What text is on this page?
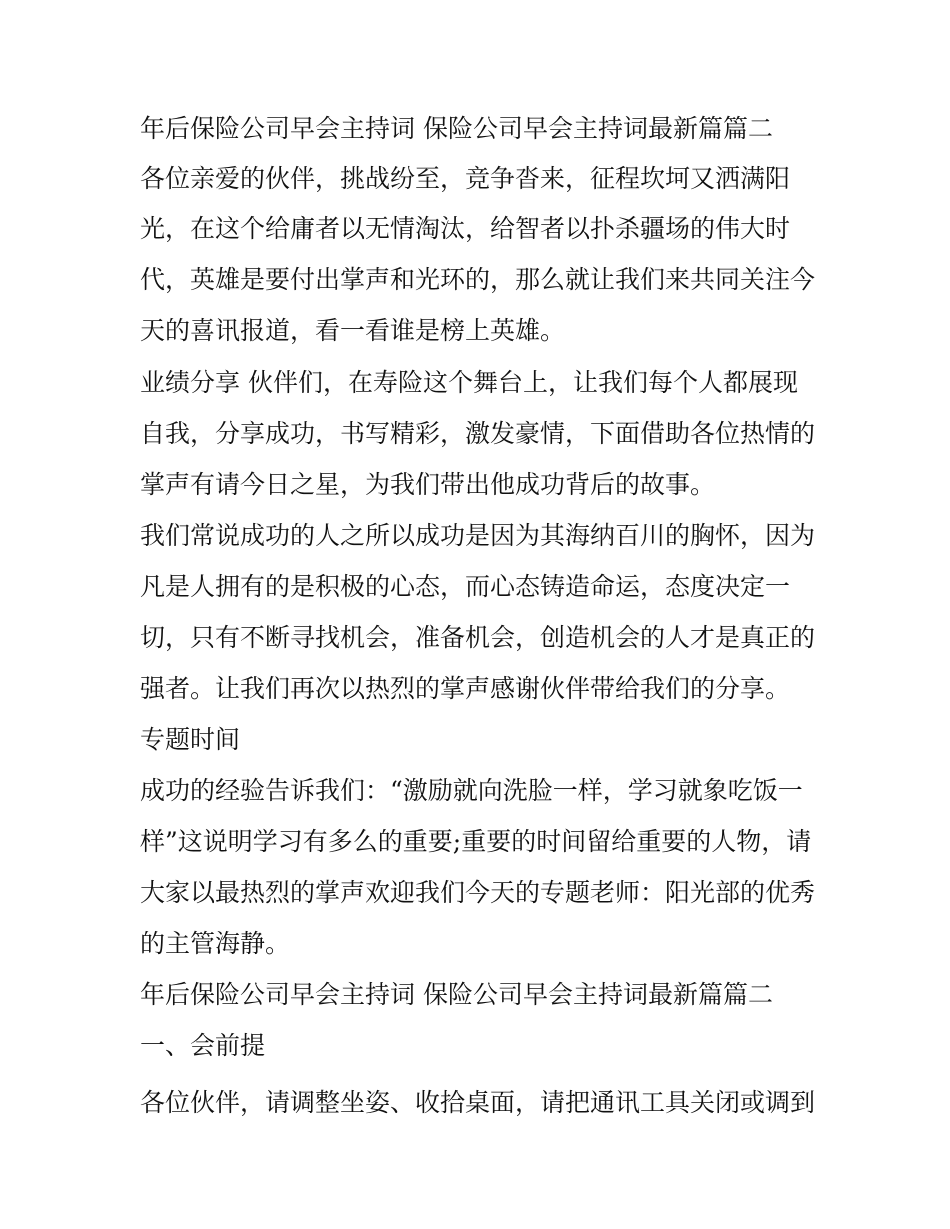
年后保险公司早会主持词 保险公司早会主持词最新篇篇二
各位亲爱的伙伴，挑战纷至，竞争沓来，征程坎坷又洒满阳
光，在这个给庸者以无情淘汰，给智者以扑杀疆场的伟大时
代，英雄是要付出掌声和光环的，那么就让我们来共同关注今
天的喜讯报道，看一看谁是榜上英雄。
业绩分享 伙伴们，在寿险这个舞台上，让我们每个人都展现
自我，分享成功，书写精彩，激发豪情，下面借助各位热情的
掌声有请今日之星，为我们带出他成功背后的故事。
我们常说成功的人之所以成功是因为其海纳百川的胸怀，因为
凡是人拥有的是积极的心态，而心态铸造命运，态度决定一
切，只有不断寻找机会，准备机会，创造机会的人才是真正的
强者。让我们再次以热烈的掌声感谢伙伴带给我们的分享。
专题时间
成功的经验告诉我们：“激励就向洗脸一样，学习就象吃饭一
样”这说明学习有多么的重要;重要的时间留给重要的人物，请
大家以最热烈的掌声欢迎我们今天的专题老师：阳光部的优秀
的主管海静。
年后保险公司早会主持词 保险公司早会主持词最新篇篇二
一、会前提
各位伙伴，请调整坐姿、收拾桌面，请把通讯工具关闭或调到
